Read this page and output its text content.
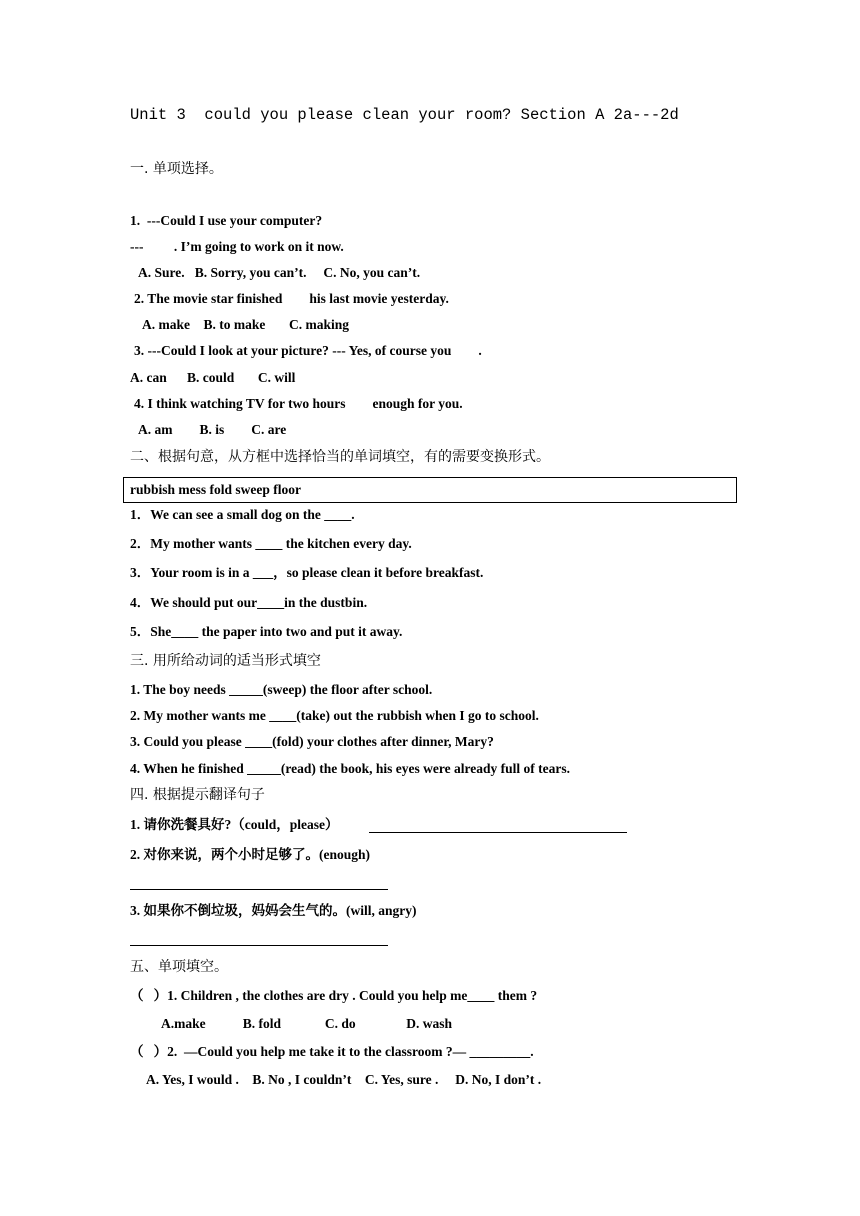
Unit 3  could you please clean your room? Section A 2a---2d
一. 单项选择。
1.  ---Could I use your computer?
---         . I’m going to work on it now.
A. Sure.   B. Sorry, you can’t.     C. No, you can’t.
2. The movie star finished        his last movie yesterday.
A. make    B. to make       C. making
3. ---Could I look at your picture? --- Yes, of course you        .
A. can      B. could       C. will
4. I think watching TV for two hours        enough for you.
A. am        B. is        C. are
二、根据句意，从方框中选择恰当的单词填空，有的需要变换形式。
rubbish mess fold sweep floor
1．We can see a small dog on the ____.
2．My mother wants ____ the kitchen every day.
3．Your room is in a ___，so please clean it before breakfast.
4．We should put our____in the dustbin.
5．She____ the paper into two and put it away.
三. 用所给动词的适当形式填空
1. The boy needs _____(sweep) the floor after school.
2. My mother wants me ____(take) out the rubbish when I go to school.
3. Could you please ____(fold) your clothes after dinner, Mary?
4. When he finished _____(read) the book, his eyes were already full of tears.
四. 根据提示翻译句子
1. 请你洗餐具好?（could，please）
2. 对你来说，两个小时足够了。(enough)
3. 如果你不倒垃圾，妈妈会生气的。(will, angry)
五、单项填空。
（   ）1. Children , the clothes are dry . Could you help me____ them ?
A.make           B. fold             C. do               D. wash
（   ）2.  —Could you help me take it to the classroom ?— _________.
A. Yes, I would .    B. No , I couldn’t    C. Yes, sure .     D. No, I don’t .
